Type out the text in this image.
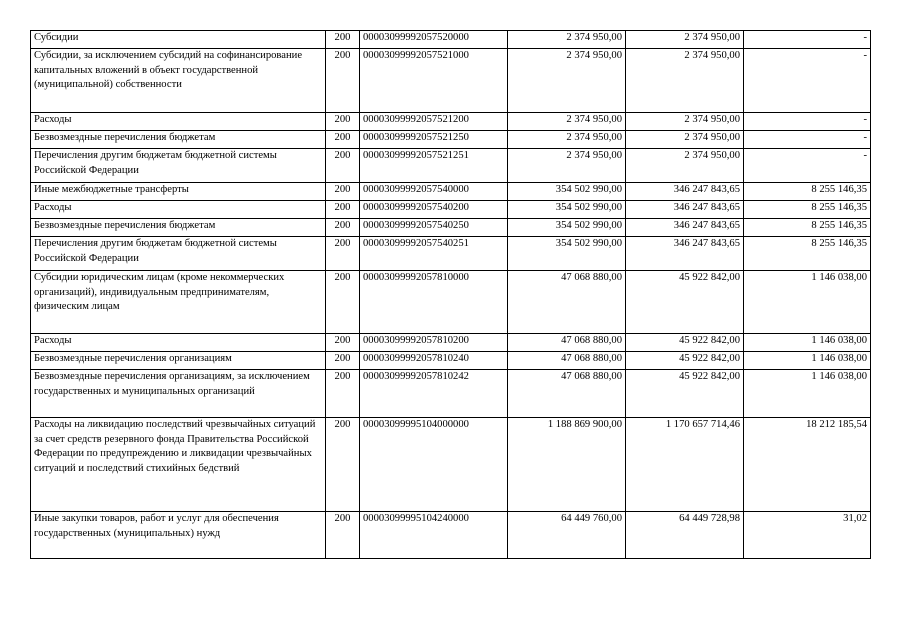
Субсидии	200	00003099992057520000	2 374 950,00	2 374 950,00	-
Субсидии, за исключением субсидий на софинансирование капитальных вложений в объект государственной (муниципальной) собственности	200	00003099992057521000	2 374 950,00	2 374 950,00	-
Расходы	200	00003099992057521200	2 374 950,00	2 374 950,00	-
Безвозмездные перечисления бюджетам	200	00003099992057521250	2 374 950,00	2 374 950,00	-
Перечисления другим бюджетам бюджетной системы Российской Федерации	200	00003099992057521251	2 374 950,00	2 374 950,00	-
Иные межбюджетные трансферты	200	00003099992057540000	354 502 990,00	346 247 843,65	8 255 146,35
Расходы	200	00003099992057540200	354 502 990,00	346 247 843,65	8 255 146,35
Безвозмездные перечисления бюджетам	200	00003099992057540250	354 502 990,00	346 247 843,65	8 255 146,35
Перечисления другим бюджетам бюджетной системы Российской Федерации	200	00003099992057540251	354 502 990,00	346 247 843,65	8 255 146,35
Субсидии юридическим лицам (кроме некоммерческих организаций), индивидуальным предпринимателям, физическим лицам	200	00003099992057810000	47 068 880,00	45 922 842,00	1 146 038,00
Расходы	200	00003099992057810200	47 068 880,00	45 922 842,00	1 146 038,00
Безвозмездные перечисления организациям	200	00003099992057810240	47 068 880,00	45 922 842,00	1 146 038,00
Безвозмездные перечисления организациям, за исключением государственных и муниципальных организаций	200	00003099992057810242	47 068 880,00	45 922 842,00	1 146 038,00
Расходы на ликвидацию последствий чрезвычайных ситуаций за счет средств резервного фонда Правительства Российской Федерации по предупреждению и ликвидации чрезвычайных ситуаций и последствий стихийных бедствий	200	00003099995104000000	1 188 869 900,00	1 170 657 714,46	18 212 185,54
Иные закупки товаров, работ и услуг для обеспечения государственных (муниципальных) нужд	200	00003099995104240000	64 449 760,00	64 449 728,98	31,02
